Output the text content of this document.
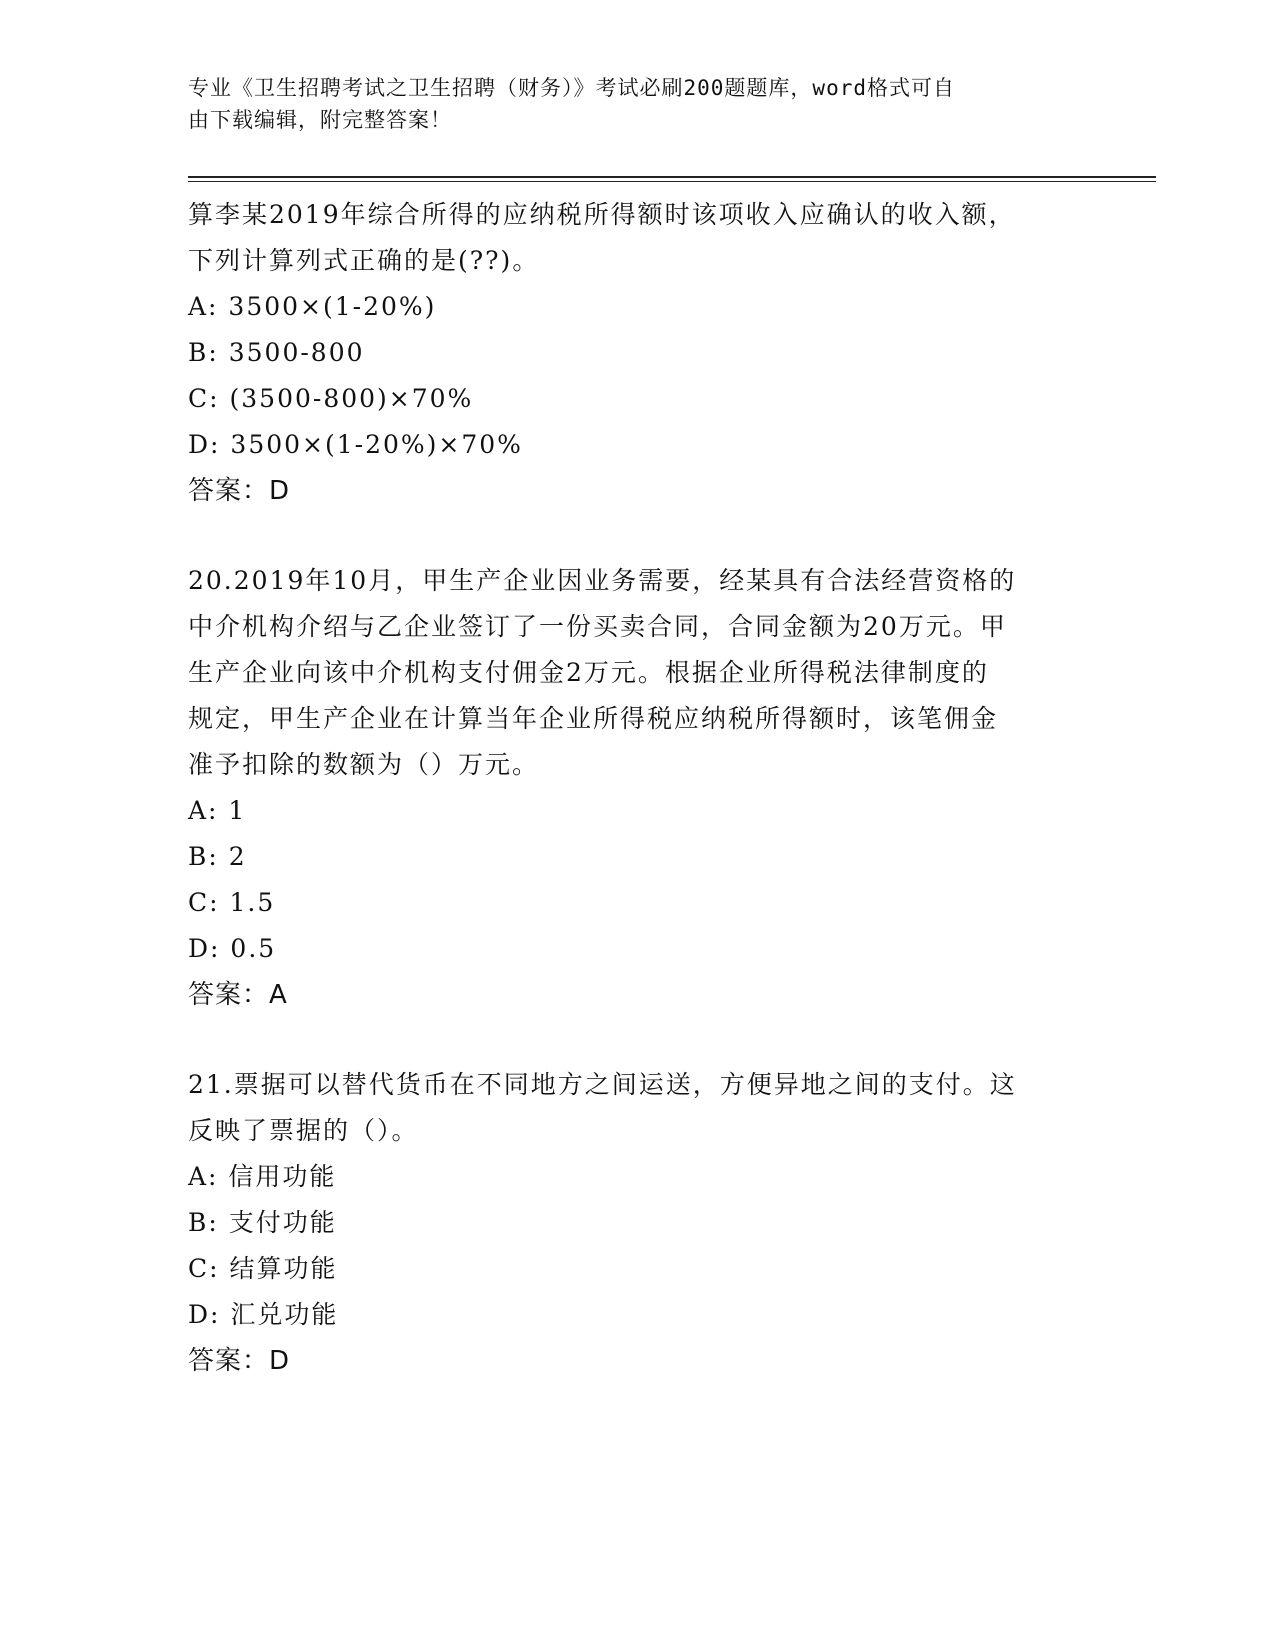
专业《卫生招聘考试之卫生招聘（财务）》考试必刷200题题库，word格式可自
由下载编辑，附完整答案！
算李某2019年综合所得的应纳税所得额时该项收入应确认的收入额，
下列计算列式正确的是(??)。
A: 3500×(1-20%)
B: 3500-800
C: (3500-800)×70%
D: 3500×(1-20%)×70%
答案：D
20.2019年10月，甲生产企业因业务需要，经某具有合法经营资格的
中介机构介绍与乙企业签订了一份买卖合同，合同金额为20万元。甲
生产企业向该中介机构支付佣金2万元。根据企业所得税法律制度的
规定，甲生产企业在计算当年企业所得税应纳税所得额时，该笔佣金
准予扣除的数额为（）万元。
A: 1
B: 2
C: 1.5
D: 0.5
答案：A
21.票据可以替代货币在不同地方之间运送，方便异地之间的支付。这
反映了票据的（）。
A: 信用功能
B: 支付功能
C: 结算功能
D: 汇兑功能
答案：D
